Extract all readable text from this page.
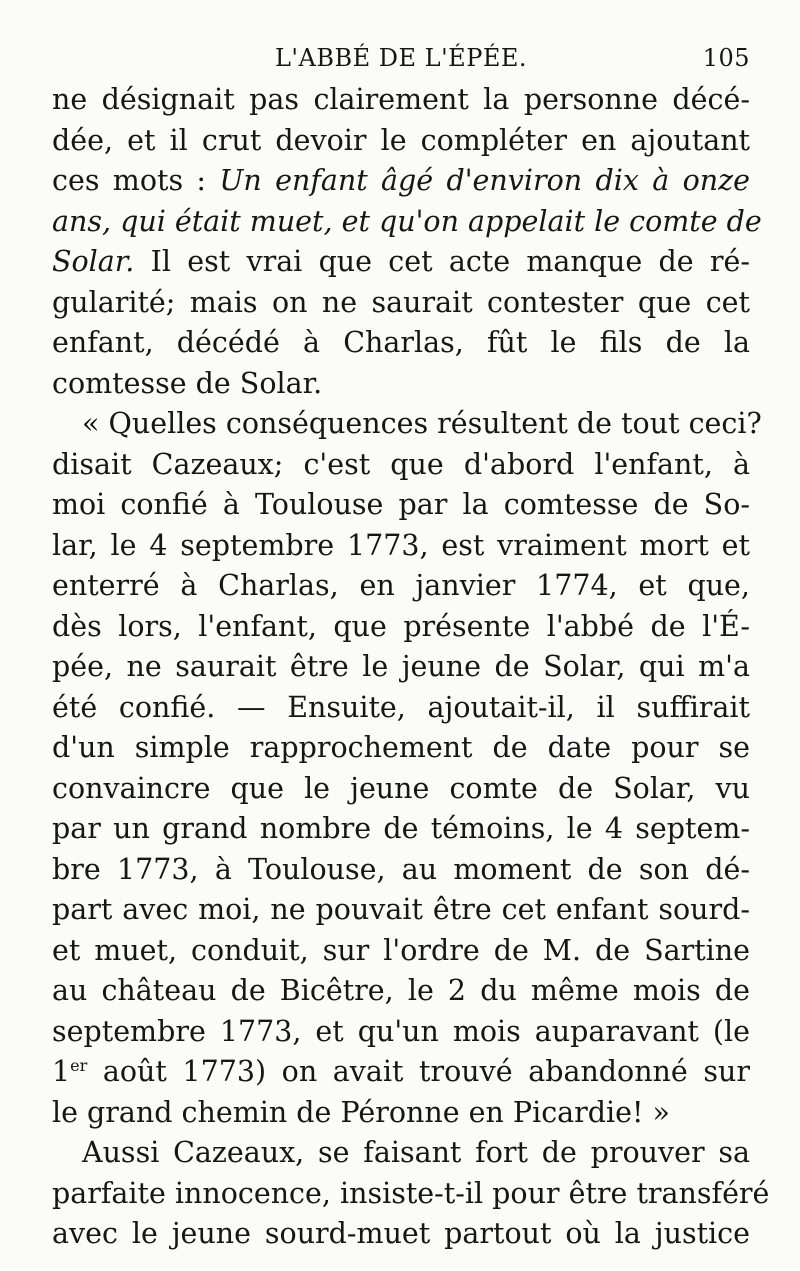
L'ABBÉ DE L'ÉPÉE.	105
ne désignait pas clairement la personne décé-
dée, et il crut devoir le compléter en ajoutant
ces mots : Un enfant âgé d'environ dix à onze
ans, qui était muet, et qu'on appelait le comte de
Solar. Il est vrai que cet acte manque de ré-
gularité; mais on ne saurait contester que cet
enfant, décédé à Charlas, fût le fils de la
comtesse de Solar.
« Quelles conséquences résultent de tout ceci?
disait Cazeaux; c'est que d'abord l'enfant, à
moi confié à Toulouse par la comtesse de So-
lar, le 4 septembre 1773, est vraiment mort et
enterré à Charlas, en janvier 1774, et que,
dès lors, l'enfant, que présente l'abbé de l'É-
pée, ne saurait être le jeune de Solar, qui m'a
été confié. — Ensuite, ajoutait-il, il suffirait
d'un simple rapprochement de date pour se
convaincre que le jeune comte de Solar, vu
par un grand nombre de témoins, le 4 septem-
bre 1773, à Toulouse, au moment de son dé-
part avec moi, ne pouvait être cet enfant sourd-
et muet, conduit, sur l'ordre de M. de Sartine
au château de Bicêtre, le 2 du même mois de
septembre 1773, et qu'un mois auparavant (le
1er août 1773) on avait trouvé abandonné sur
le grand chemin de Péronne en Picardie! »
Aussi Cazeaux, se faisant fort de prouver sa
parfaite innocence, insiste-t-il pour être transféré
avec le jeune sourd-muet partout où la justice
